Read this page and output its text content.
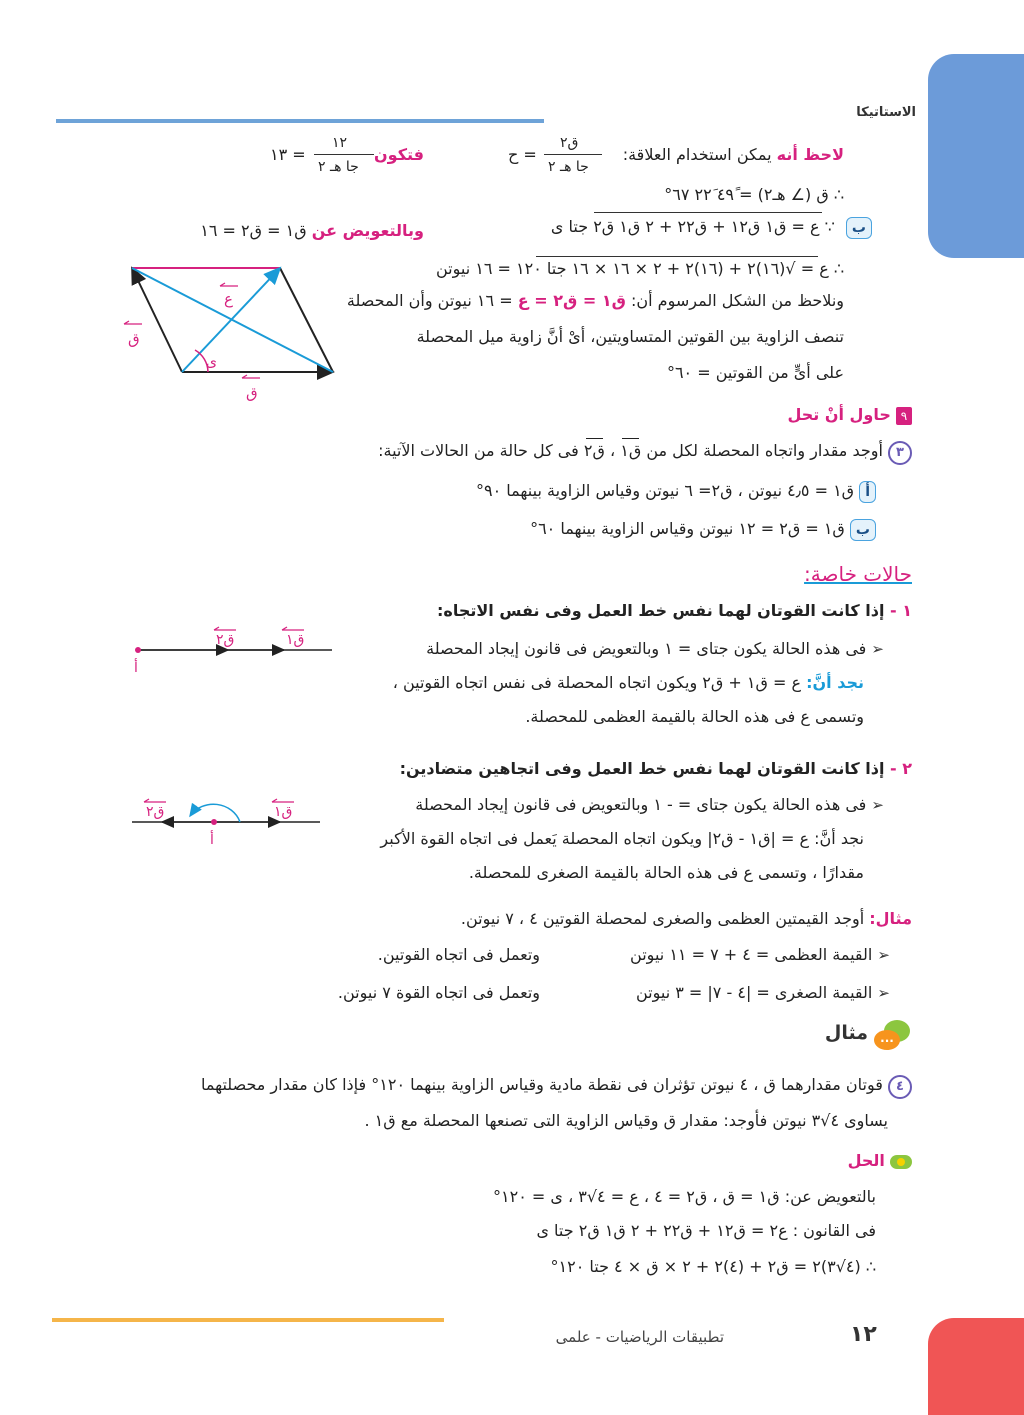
الاستاتيكا
لاحظ أنه يمكن استخدام العلاقة:
= ح
ق٢
جا هـ ٢
فتكون
= ١٣
١٢
جا هـ ٢
∴ ق (∠ هـ٢) = ٤٩ً ٢٢َ ٦٧°
ب ∵ ع = ق١ ق١٢ + ق٢٢ + ٢ ق١ ق٢ جتا ى
وبالتعويض عن ق١ = ق٢ = ١٦
∴ ع = √(١٦)٢ + (١٦)٢ + ٢ × ١٦ × ١٦ جتا ١٢٠ = ١٦ نيوتن
ونلاحظ من الشكل المرسوم أن: ق١ = ق٢ = ع = ١٦ نيوتن وأن المحصلة
تنصف الزاوية بين القوتين المتساويتين، أىْ أنَّ زاوية ميل المحصلة
على أىٍّ من القوتين = ٦٠°
ع
ق
ى
ق
٩ حاول أنْ تحل
٣ أوجد مقدار واتجاه المحصلة لكل من ق١ ، ق٢ فى كل حالة من الحالات الآتية:
أ ق١ = ٤٫٥ نيوتن ، ق٢= ٦ نيوتن وقياس الزاوية بينهما ٩٠°
ب ق١ = ق٢ = ١٢ نيوتن وقياس الزاوية بينهما ٦٠°
حالات خاصة:
١ - إذا كانت القوتان لهما نفس خط العمل وفى نفس الاتجاه:
➢ فى هذه الحالة يكون جتاى = ١ وبالتعويض فى قانون إيجاد المحصلة
نجد أنَّ: ع = ق١ + ق٢ ويكون اتجاه المحصلة فى نفس اتجاه القوتين ،
وتسمى ع فى هذه الحالة بالقيمة العظمى للمحصلة.
أ
ق٢	ق١
٢ - إذا كانت القوتان لهما نفس خط العمل وفى اتجاهين متضادين:
➢ فى هذه الحالة يكون جتاى = - ١ وبالتعويض فى قانون إيجاد المحصلة
نجد أنَّ: ع = |ق١ - ق٢| ويكون اتجاه المحصلة يَعمل فى اتجاه القوة الأكبر
مقدارًا ، وتسمى ع فى هذه الحالة بالقيمة الصغرى للمحصلة.
أ
ق٢	ق١
مثال: أوجد القيمتين العظمى والصغرى لمحصلة القوتين ٤ ، ٧ نيوتن.
➢ القيمة العظمى = ٤ + ٧ = ١١ نيوتن
وتعمل فى اتجاه القوتين.
➢ القيمة الصغرى = |٤ - ٧| = ٣ نيوتن
وتعمل فى اتجاه القوة ٧ نيوتن.
...
مثال
٤ قوتان مقدارهما ق ، ٤ نيوتن تؤثران فى نقطة مادية وقياس الزاوية بينهما ١٢٠° فإذا كان مقدار محصلتهما
يساوى ٤√٣ نيوتن فأوجد: مقدار ق وقياس الزاوية التى تصنعها المحصلة مع ق١ .
الحل
بالتعويض عن: ق١ = ق ، ق٢ = ٤ ، ع = ٤√٣ ، ى = ١٢٠°
فى القانون : ع٢ = ق١٢ + ق٢٢ + ٢ ق١ ق٢ جتا ى
∴ (٤√٣)٢ = ق٢ + (٤)٢ + ٢ × ق × ٤ جتا ١٢٠°
١٢
تطبيقات الرياضيات - علمى
